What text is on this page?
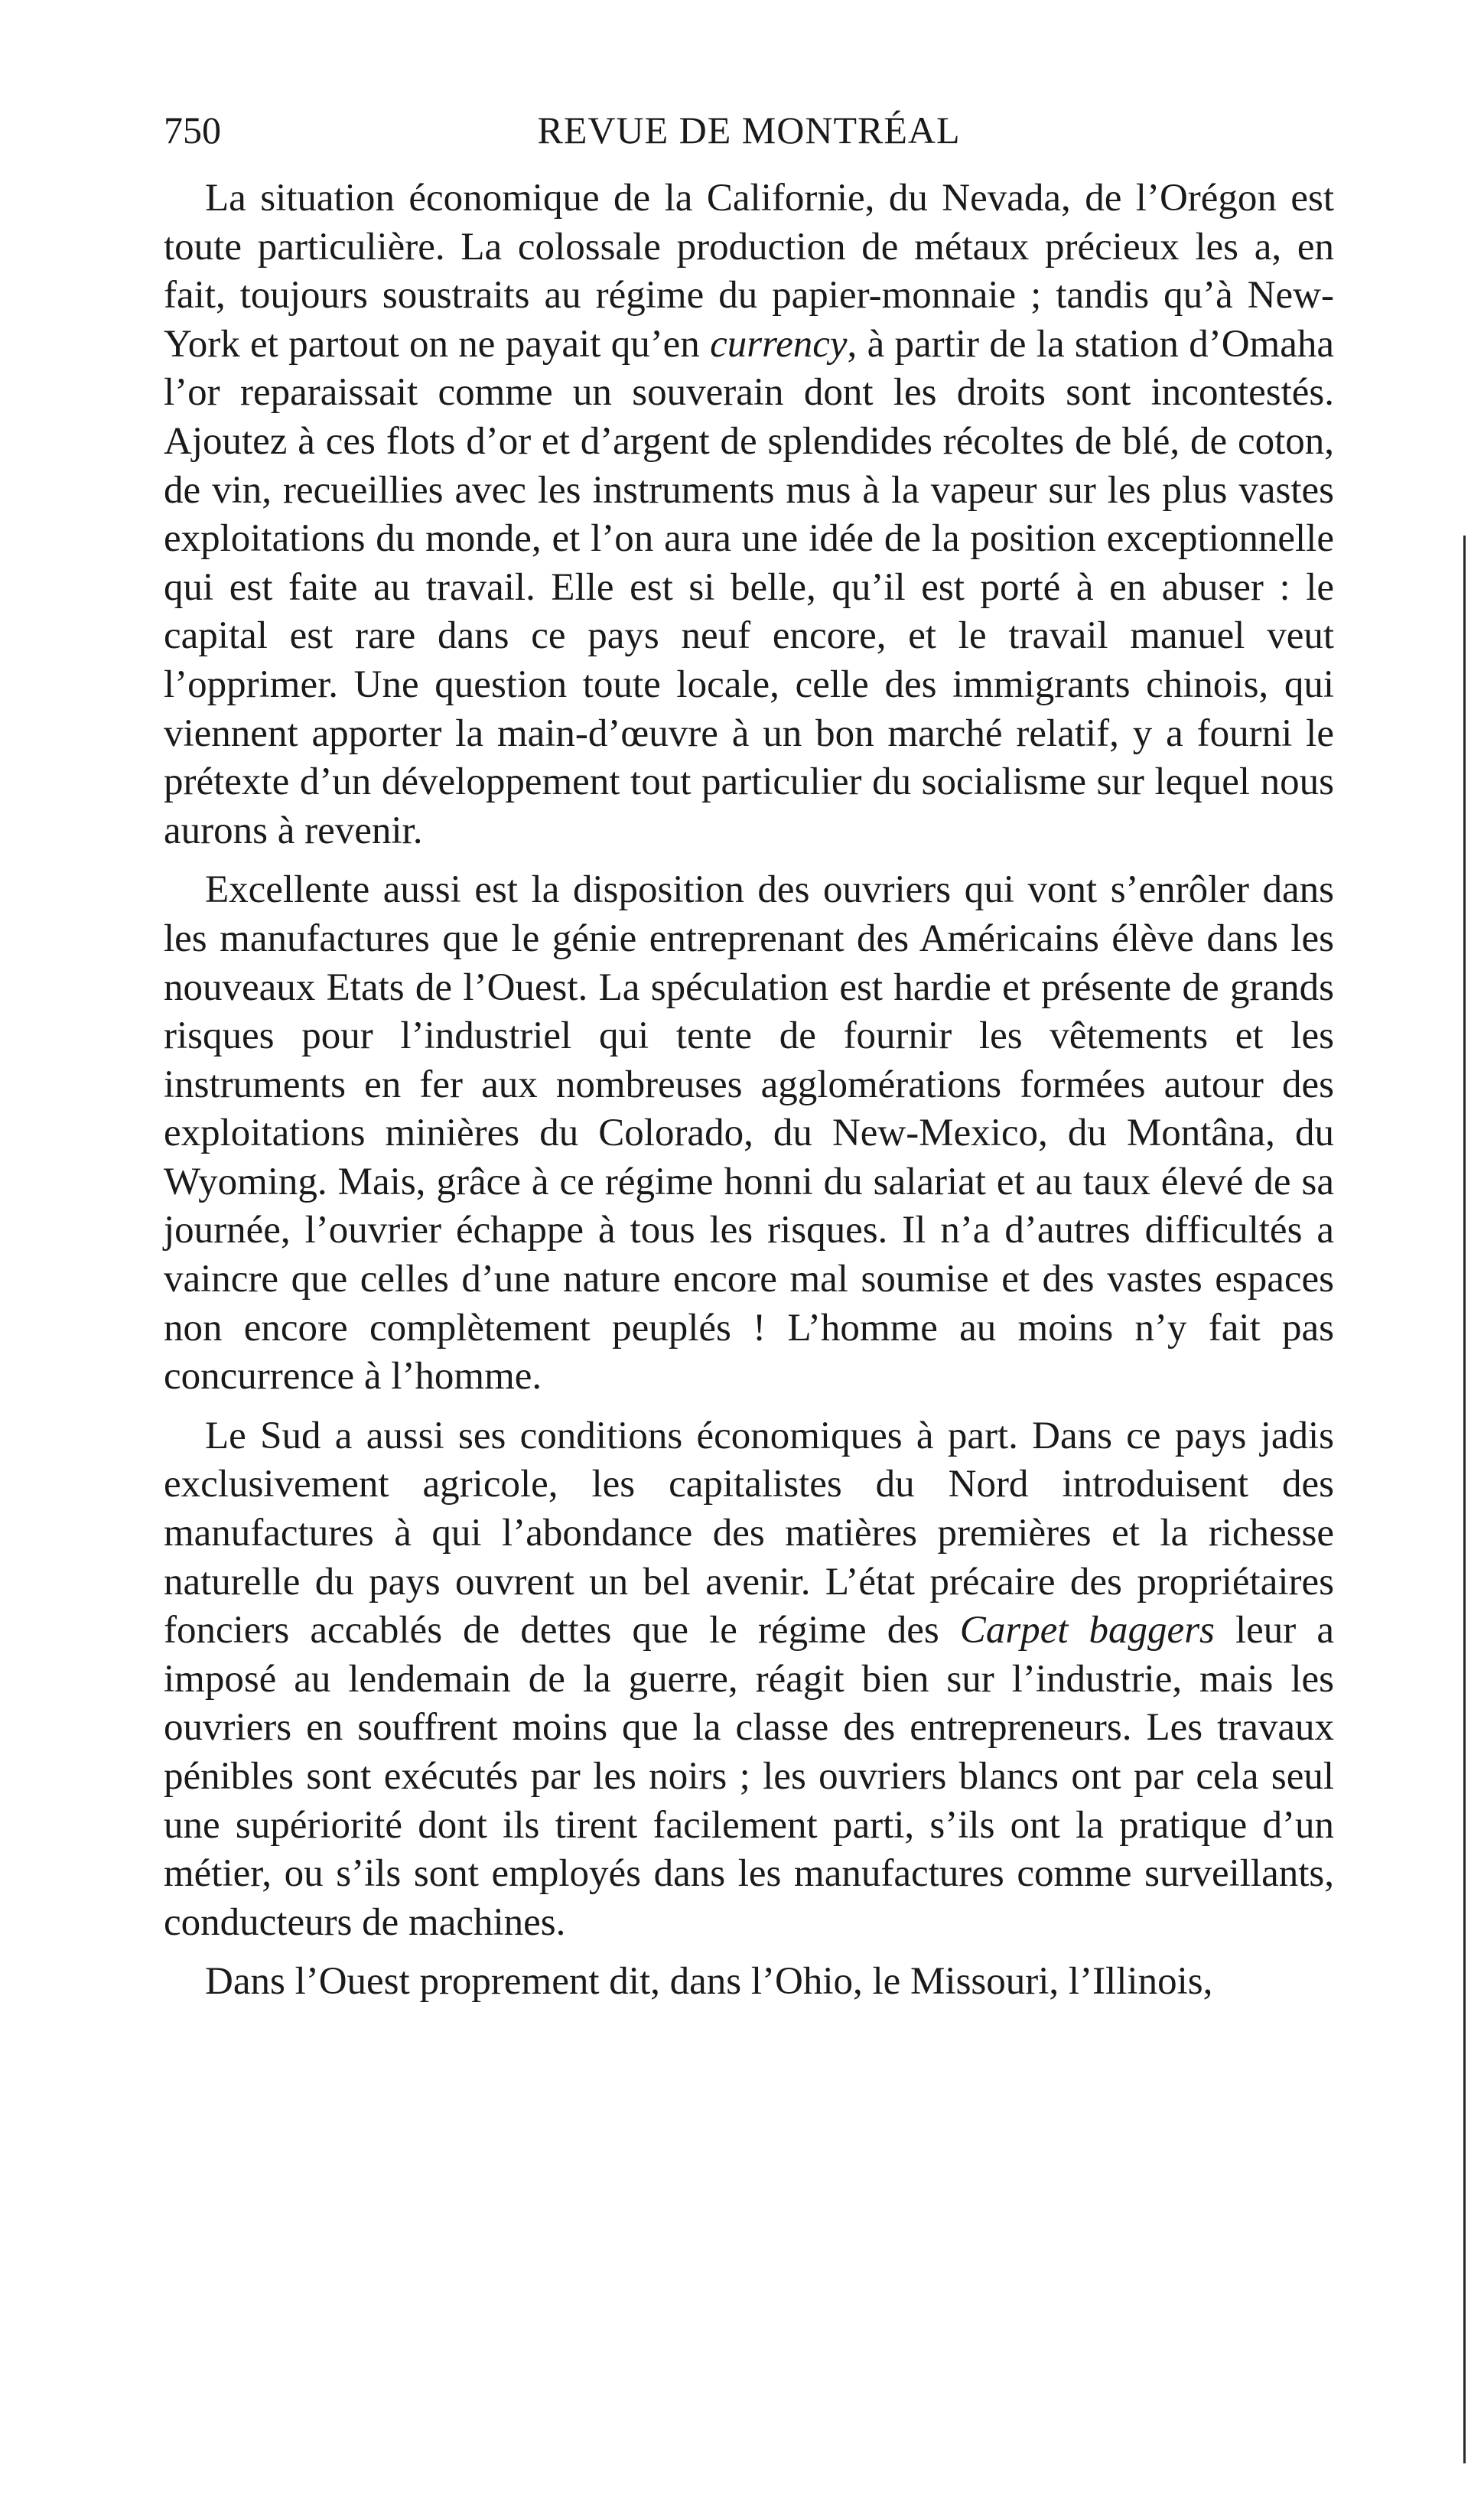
750	REVUE DE MONTRÉAL

La situation économique de la Californie, du Nevada, de l’Orégon est toute particulière. La colossale production de métaux précieux les a, en fait, toujours soustraits au régime du papier-monnaie ; tandis qu’à New-York et partout on ne payait qu’en currency, à partir de la station d’Omaha l’or reparaissait comme un souverain dont les droits sont incontestés. Ajoutez à ces flots d’or et d’argent de splendides récoltes de blé, de coton, de vin, recueillies avec les instruments mus à la vapeur sur les plus vastes exploitations du monde, et l’on aura une idée de la position exceptionnelle qui est faite au travail. Elle est si belle, qu’il est porté à en abuser : le capital est rare dans ce pays neuf encore, et le travail manuel veut l’opprimer. Une question toute locale, celle des immigrants chinois, qui viennent apporter la main-d’œuvre à un bon marché relatif, y a fourni le prétexte d’un développement tout particulier du socialisme sur lequel nous aurons à revenir.

Excellente aussi est la disposition des ouvriers qui vont s’enrôler dans les manufactures que le génie entreprenant des Américains élève dans les nouveaux Etats de l’Ouest. La spéculation est hardie et présente de grands risques pour l’industriel qui tente de fournir les vêtements et les instruments en fer aux nombreuses agglomérations formées autour des exploitations minières du Colorado, du New-Mexico, du Montâna, du Wyoming. Mais, grâce à ce régime honni du salariat et au taux élevé de sa journée, l’ouvrier échappe à tous les risques. Il n’a d’autres difficultés a vaincre que celles d’une nature encore mal soumise et des vastes espaces non encore complètement peuplés ! L’homme au moins n’y fait pas concurrence à l’homme.

Le Sud a aussi ses conditions économiques à part. Dans ce pays jadis exclusivement agricole, les capitalistes du Nord introduisent des manufactures à qui l’abondance des matières premières et la richesse naturelle du pays ouvrent un bel avenir. L’état précaire des propriétaires fonciers accablés de dettes que le régime des Carpet baggers leur a imposé au lendemain de la guerre, réagit bien sur l’industrie, mais les ouvriers en souffrent moins que la classe des entrepreneurs. Les travaux pénibles sont exécutés par les noirs ; les ouvriers blancs ont par cela seul une supériorité dont ils tirent facilement parti, s’ils ont la pratique d’un métier, ou s’ils sont employés dans les manufactures comme surveillants, conducteurs de machines.

Dans l’Ouest proprement dit, dans l’Ohio, le Missouri, l’Illinois,
